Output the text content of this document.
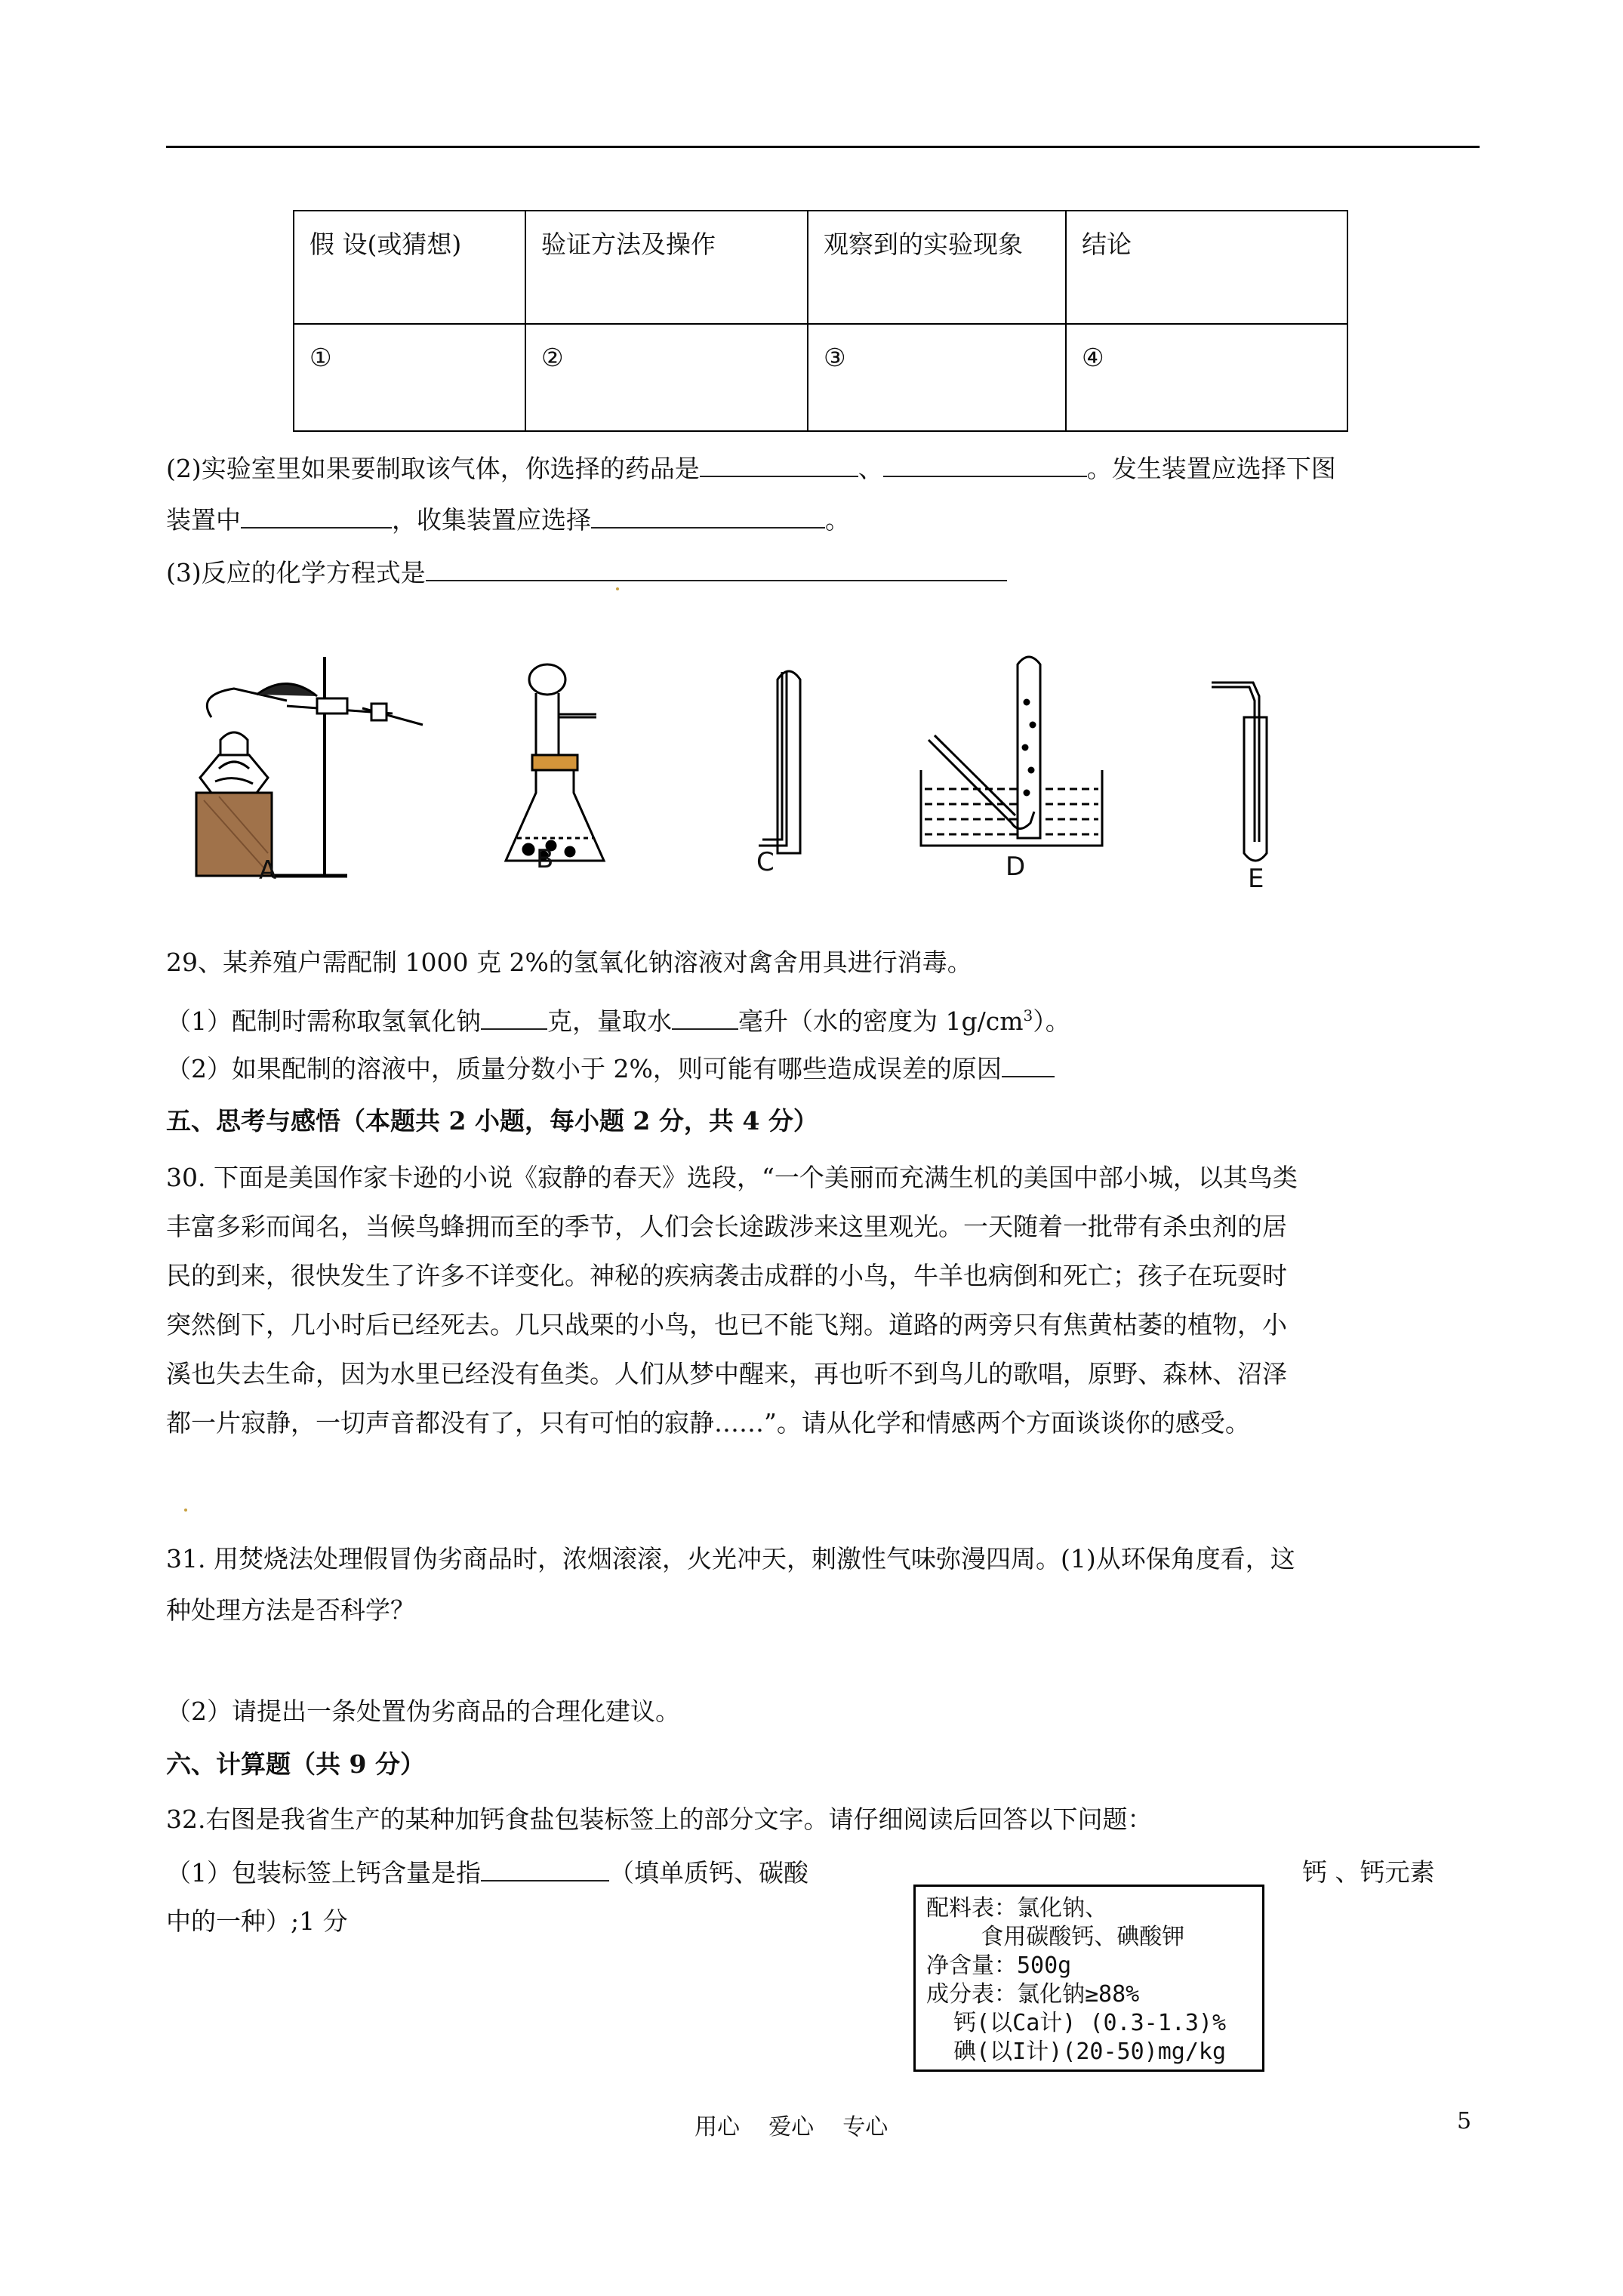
假 设(或猜想)	验证方法及操作	观察到的实验现象	结论
①	②	③	④
(2)实验室里如果要制取该气体，你选择的药品是	、	。发生装置应选择下图
装置中	，收集装置应选择	。
(3)反应的化学方程式是
A	B	C	D	E
29、某养殖户需配制 1000 克 2%的氢氧化钠溶液对禽舍用具进行消毒。
（1）配制时需称取氢氧化钠	克，量取水	毫升（水的密度为 $1g/cm^3$）。
（2）如果配制的溶液中，质量分数小于 2%，则可能有哪些造成误差的原因
五、思考与感悟（本题共 2 小题，每小题 2 分，共 4 分）
30. 下面是美国作家卡逊的小说《寂静的春天》选段，“一个美丽而充满生机的美国中部小城，以其鸟类
丰富多彩而闻名，当候鸟蜂拥而至的季节，人们会长途跋涉来这里观光。一天随着一批带有杀虫剂的居
民的到来，很快发生了许多不详变化。神秘的疾病袭击成群的小鸟，牛羊也病倒和死亡；孩子在玩耍时
突然倒下，几小时后已经死去。几只战栗的小鸟，也已不能飞翔。道路的两旁只有焦黄枯萎的植物，小
溪也失去生命，因为水里已经没有鱼类。人们从梦中醒来，再也听不到鸟儿的歌唱，原野、森林、沼泽
都一片寂静，一切声音都没有了，只有可怕的寂静……”。请从化学和情感两个方面谈谈你的感受。
31. 用焚烧法处理假冒伪劣商品时，浓烟滚滚，火光冲天，刺激性气味弥漫四周。(1)从环保角度看，这
种处理方法是否科学？
（2）请提出一条处置伪劣商品的合理化建议。
六、计算题（共 9 分）
32.右图是我省生产的某种加钙食盐包装标签上的部分文字。请仔细阅读后回答以下问题：
（1）包装标签上钙含量是指	（填单质钙、碳酸	钙 、钙元素
中的一种）;1 分	配料表：氯化钠、
食用碳酸钙、碘酸钾
净含量：500g
成分表：氯化钠≥88%
钙(以Ca计) (0.3-1.3)%
碘(以I计)(20-50)mg/kg
用心    爱心    专心	5
